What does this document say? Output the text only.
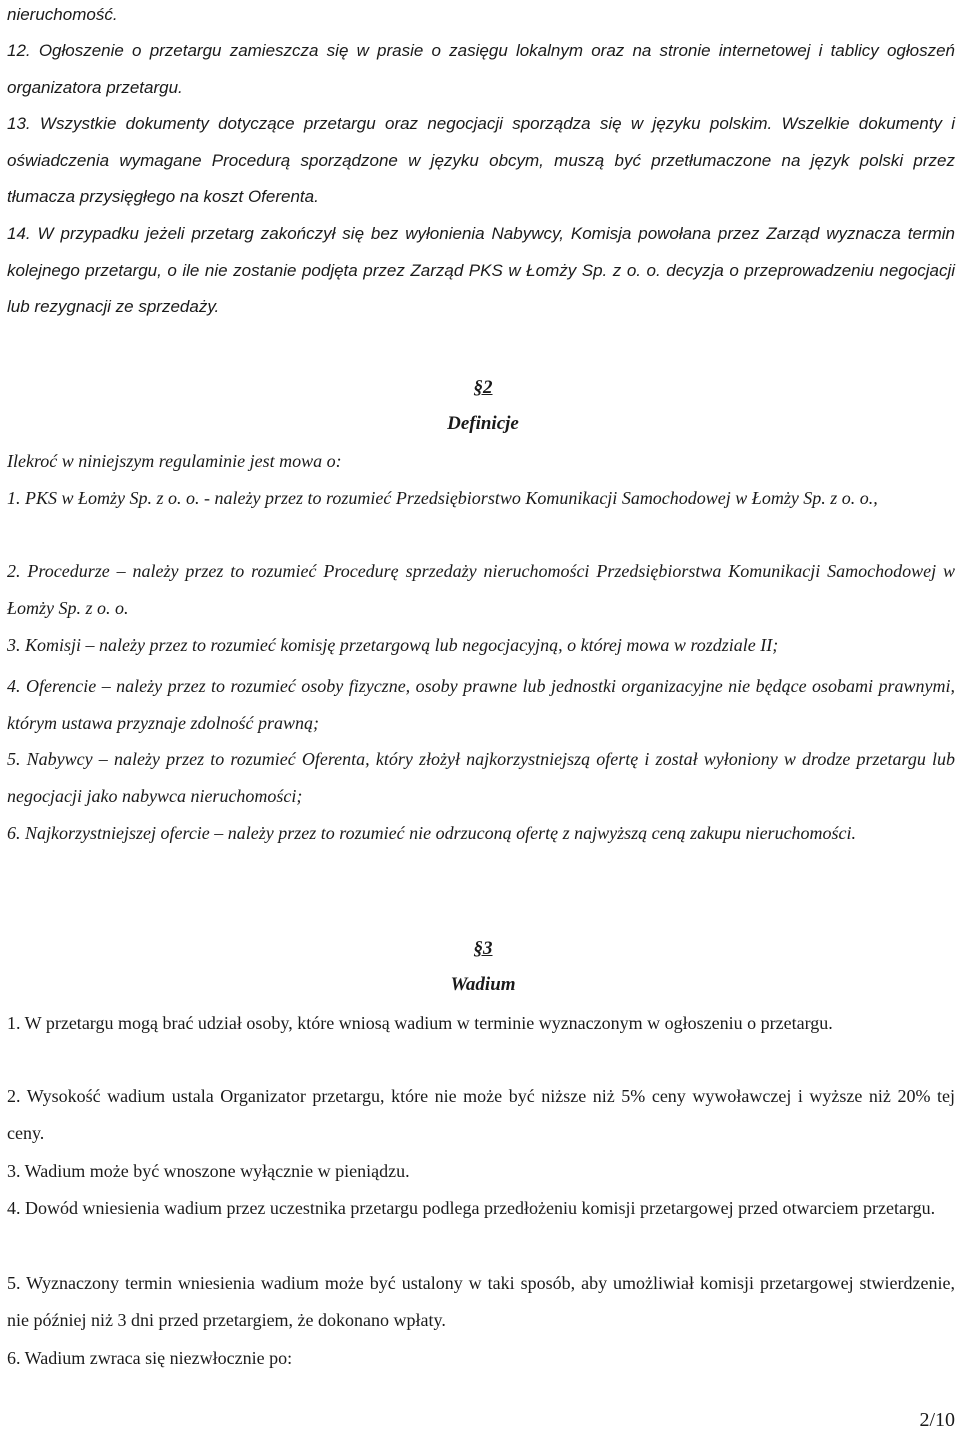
nieruchomość.

12. Ogłoszenie o przetargu zamieszcza się w prasie o zasięgu lokalnym oraz na stronie internetowej i tablicy ogłoszeń organizatora przetargu.

13. Wszystkie dokumenty dotyczące przetargu oraz negocjacji sporządza się w języku polskim. Wszelkie dokumenty i oświadczenia wymagane Procedurą sporządzone w języku obcym, muszą być przetłumaczone na język polski przez tłumacza przysięgłego na koszt Oferenta.

14. W przypadku jeżeli przetarg zakończył się bez wyłonienia Nabywcy, Komisja powołana przez Zarząd wyznacza termin kolejnego przetargu, o ile nie zostanie podjęta przez Zarząd PKS w Łomży Sp. z o. o. decyzja o przeprowadzeniu negocjacji lub rezygnacji ze sprzedaży.

§2
Definicje

Ilekroć w niniejszym regulaminie jest mowa o:

1. PKS w Łomży Sp. z o. o. - należy przez to rozumieć Przedsiębiorstwo Komunikacji Samochodowej w Łomży Sp. z o. o.,

2. Procedurze – należy przez to rozumieć Procedurę sprzedaży nieruchomości Przedsiębiorstwa Komunikacji Samochodowej w Łomży Sp. z o. o.

3. Komisji – należy przez to rozumieć komisję przetargową lub negocjacyjną, o której mowa w rozdziale II;

4. Oferencie – należy przez to rozumieć osoby fizyczne, osoby prawne lub jednostki organizacyjne nie będące osobami prawnymi, którym ustawa przyznaje zdolność prawną;

5. Nabywcy – należy przez to rozumieć Oferenta, który złożył najkorzystniejszą ofertę i został wyłoniony w drodze przetargu lub negocjacji jako nabywca nieruchomości;

6. Najkorzystniejszej ofercie – należy przez to rozumieć nie odrzuconą ofertę z najwyższą ceną zakupu nieruchomości.

§3
Wadium

1. W przetargu mogą brać udział osoby, które wniosą wadium w terminie wyznaczonym w ogłoszeniu o przetargu.

2. Wysokość wadium ustala Organizator przetargu, które nie może być niższe niż 5% ceny wywoławczej i wyższe niż 20% tej ceny.

3. Wadium może być wnoszone wyłącznie w pieniądzu.

4. Dowód wniesienia wadium przez uczestnika przetargu podlega przedłożeniu komisji przetargowej przed otwarciem przetargu.

5. Wyznaczony termin wniesienia wadium może być ustalony w taki sposób, aby umożliwiał komisji przetargowej stwierdzenie, nie później niż 3 dni przed przetargiem, że dokonano wpłaty.

6. Wadium zwraca się niezwłocznie po:

2/10
